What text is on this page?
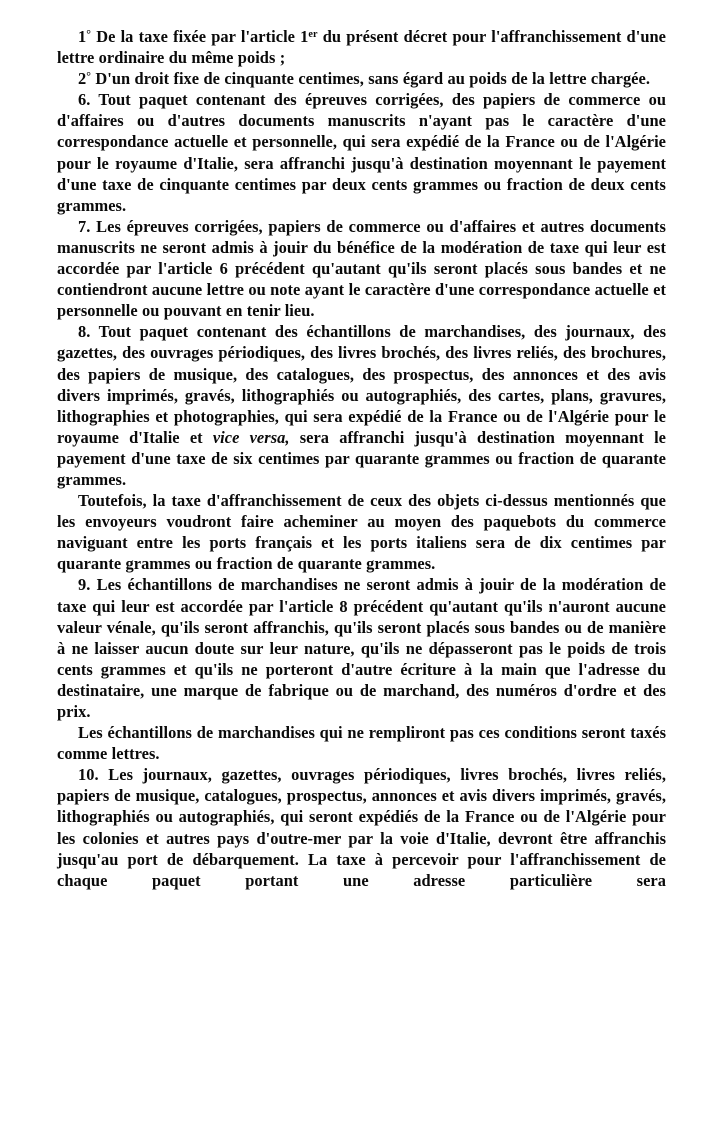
1° De la taxe fixée par l'article 1er du présent décret pour l'affranchissement d'une lettre ordinaire du même poids ;

2° D'un droit fixe de cinquante centimes, sans égard au poids de la lettre chargée.

6. Tout paquet contenant des épreuves corrigées, des papiers de commerce ou d'affaires ou d'autres documents manuscrits n'ayant pas le caractère d'une correspondance actuelle et personnelle, qui sera expédié de la France ou de l'Algérie pour le royaume d'Italie, sera affranchi jusqu'à destination moyennant le payement d'une taxe de cinquante centimes par deux cents grammes ou fraction de deux cents grammes.

7. Les épreuves corrigées, papiers de commerce ou d'affaires et autres documents manuscrits ne seront admis à jouir du bénéfice de la modération de taxe qui leur est accordée par l'article 6 précédent qu'autant qu'ils seront placés sous bandes et ne contiendront aucune lettre ou note ayant le caractère d'une correspondance actuelle et personnelle ou pouvant en tenir lieu.

8. Tout paquet contenant des échantillons de marchandises, des journaux, des gazettes, des ouvrages périodiques, des livres brochés, des livres reliés, des brochures, des papiers de musique, des catalogues, des prospectus, des annonces et des avis divers imprimés, gravés, lithographiés ou autographiés, des cartes, plans, gravures, lithographies et photographies, qui sera expédié de la France ou de l'Algérie pour le royaume d'Italie et vice versa, sera affranchi jusqu'à destination moyennant le payement d'une taxe de six centimes par quarante grammes ou fraction de quarante grammes.

Toutefois, la taxe d'affranchissement de ceux des objets ci-dessus mentionnés que les envoyeurs voudront faire acheminer au moyen des paquebots du commerce naviguant entre les ports français et les ports italiens sera de dix centimes par quarante grammes ou fraction de quarante grammes.

9. Les échantillons de marchandises ne seront admis à jouir de la modération de taxe qui leur est accordée par l'article 8 précédent qu'autant qu'ils n'auront aucune valeur vénale, qu'ils seront affranchis, qu'ils seront placés sous bandes ou de manière à ne laisser aucun doute sur leur nature, qu'ils ne dépasseront pas le poids de trois cents grammes et qu'ils ne porteront d'autre écriture à la main que l'adresse du destinataire, une marque de fabrique ou de marchand, des numéros d'ordre et des prix.

Les échantillons de marchandises qui ne rempliront pas ces conditions seront taxés comme lettres.

10. Les journaux, gazettes, ouvrages périodiques, livres brochés, livres reliés, papiers de musique, catalogues, prospectus, annonces et avis divers imprimés, gravés, lithographiés ou autographiés, qui seront expédiés de la France ou de l'Algérie pour les colonies et autres pays d'outre-mer par la voie d'Italie, devront être affranchis jusqu'au port de débarquement. La taxe à percevoir pour l'affranchissement de chaque paquet portant une adresse particulière sera
